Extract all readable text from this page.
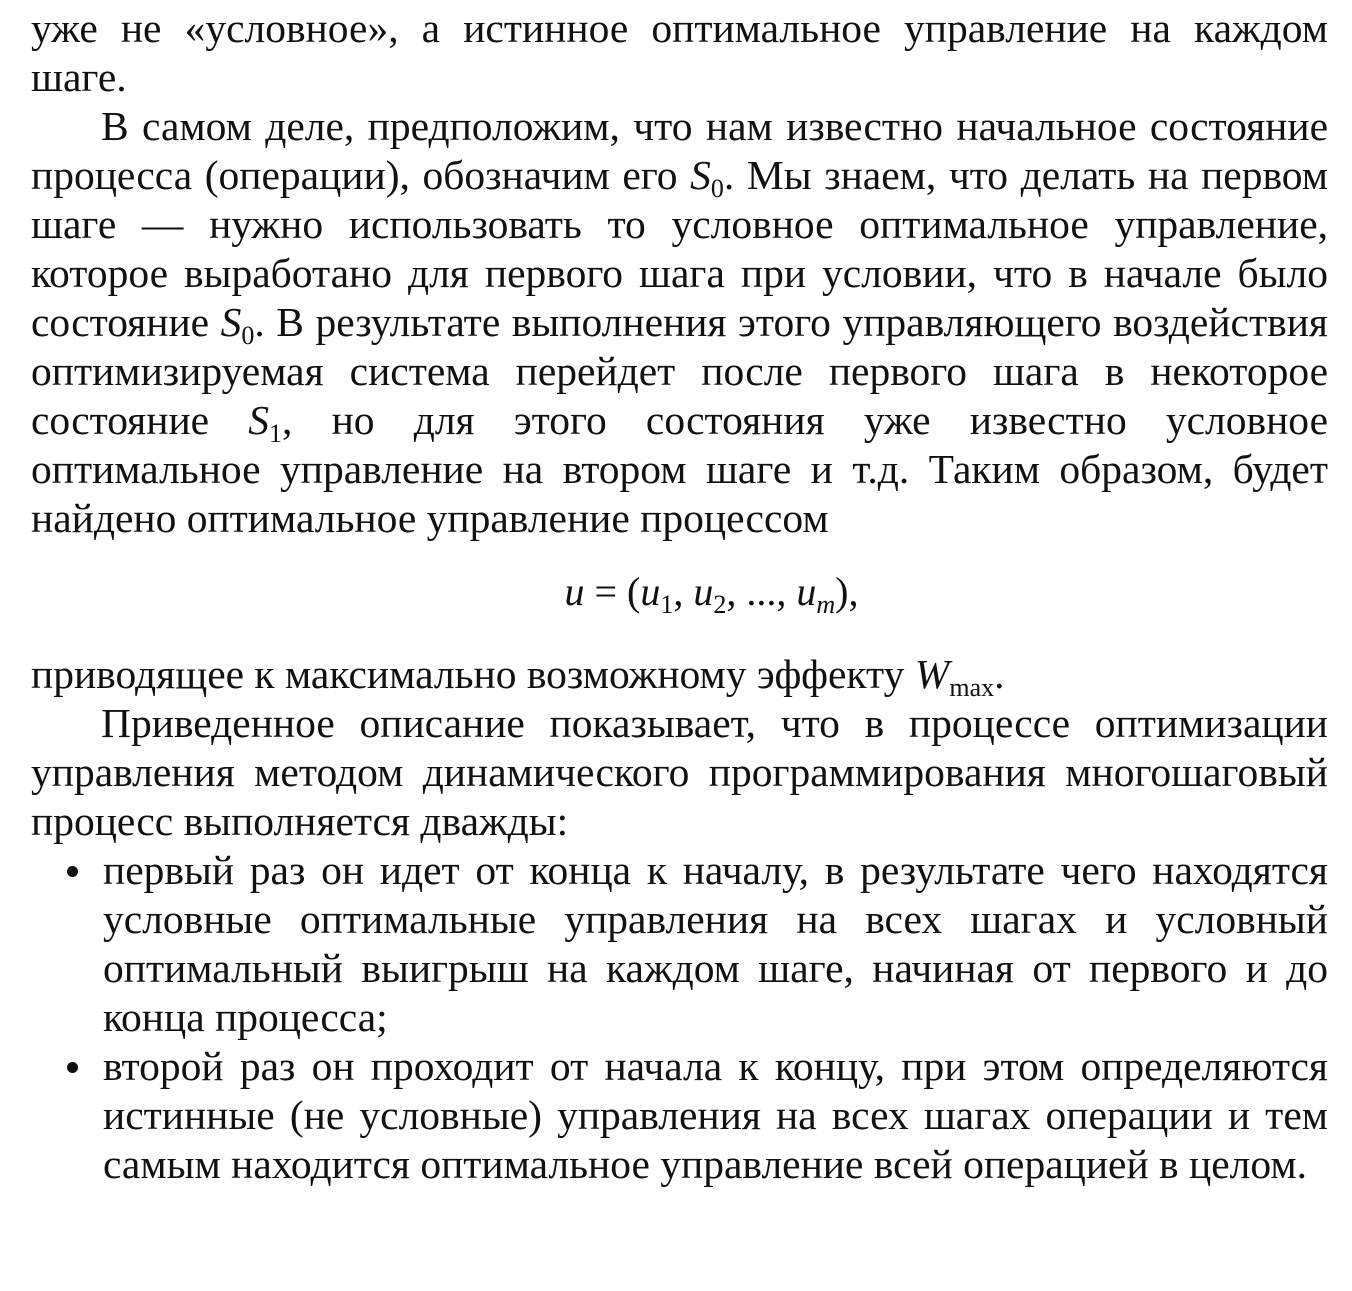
уже не «условное», а истинное оптимальное управление на каждом шаге.

В самом деле, предположим, что нам известно начальное состояние процесса (операции), обозначим его $S_0$. Мы знаем, что делать на первом шаге — нужно использовать то условное оптимальное управление, которое выработано для первого шага при условии, что в начале было состояние $S_0$. В результате выполнения этого управляющего воздействия оптимизируемая система перейдет после первого шага в некоторое состояние $S_1$, но для этого состояния уже известно условное оптимальное управление на втором шаге и т.д. Таким образом, будет найдено оптимальное управление процессом

$u = (u_1$, $u_2$, ..., $u_m$),

приводящее к максимально возможному эффекту $W_{max}$.

Приведенное описание показывает, что в процессе оптимизации управления методом динамического программирования многошаговый процесс выполняется дважды:

первый раз он идет от конца к началу, в результате чего находятся условные оптимальные управления на всех шагах и условный оптимальный выигрыш на каждом шаге, начиная от первого и до конца процесса;
второй раз он проходит от начала к концу, при этом определяются истинные (не условные) управления на всех шагах операции и тем самым находится оптимальное управление всей операцией в целом.
